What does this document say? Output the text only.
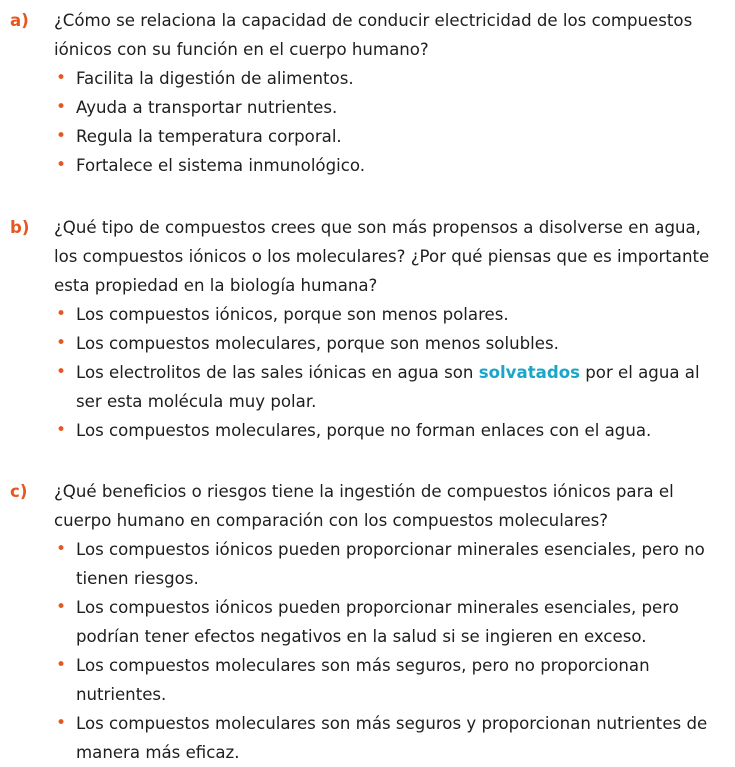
a) ¿Cómo se relaciona la capacidad de conducir electricidad de los compuestos iónicos con su función en el cuerpo humano?
• Facilita la digestión de alimentos.
• Ayuda a transportar nutrientes.
• Regula la temperatura corporal.
• Fortalece el sistema inmunológico.
b) ¿Qué tipo de compuestos crees que son más propensos a disolverse en agua, los compuestos iónicos o los moleculares? ¿Por qué piensas que es importante esta propiedad en la biología humana?
• Los compuestos iónicos, porque son menos polares.
• Los compuestos moleculares, porque son menos solubles.
• Los electrolitos de las sales iónicas en agua son solvatados por el agua al ser esta molécula muy polar.
• Los compuestos moleculares, porque no forman enlaces con el agua.
c) ¿Qué beneficios o riesgos tiene la ingestión de compuestos iónicos para el cuerpo humano en comparación con los compuestos moleculares?
• Los compuestos iónicos pueden proporcionar minerales esenciales, pero no tienen riesgos.
• Los compuestos iónicos pueden proporcionar minerales esenciales, pero podrían tener efectos negativos en la salud si se ingieren en exceso.
• Los compuestos moleculares son más seguros, pero no proporcionan nutrientes.
• Los compuestos moleculares son más seguros y proporcionan nutrientes de manera más eficaz.
